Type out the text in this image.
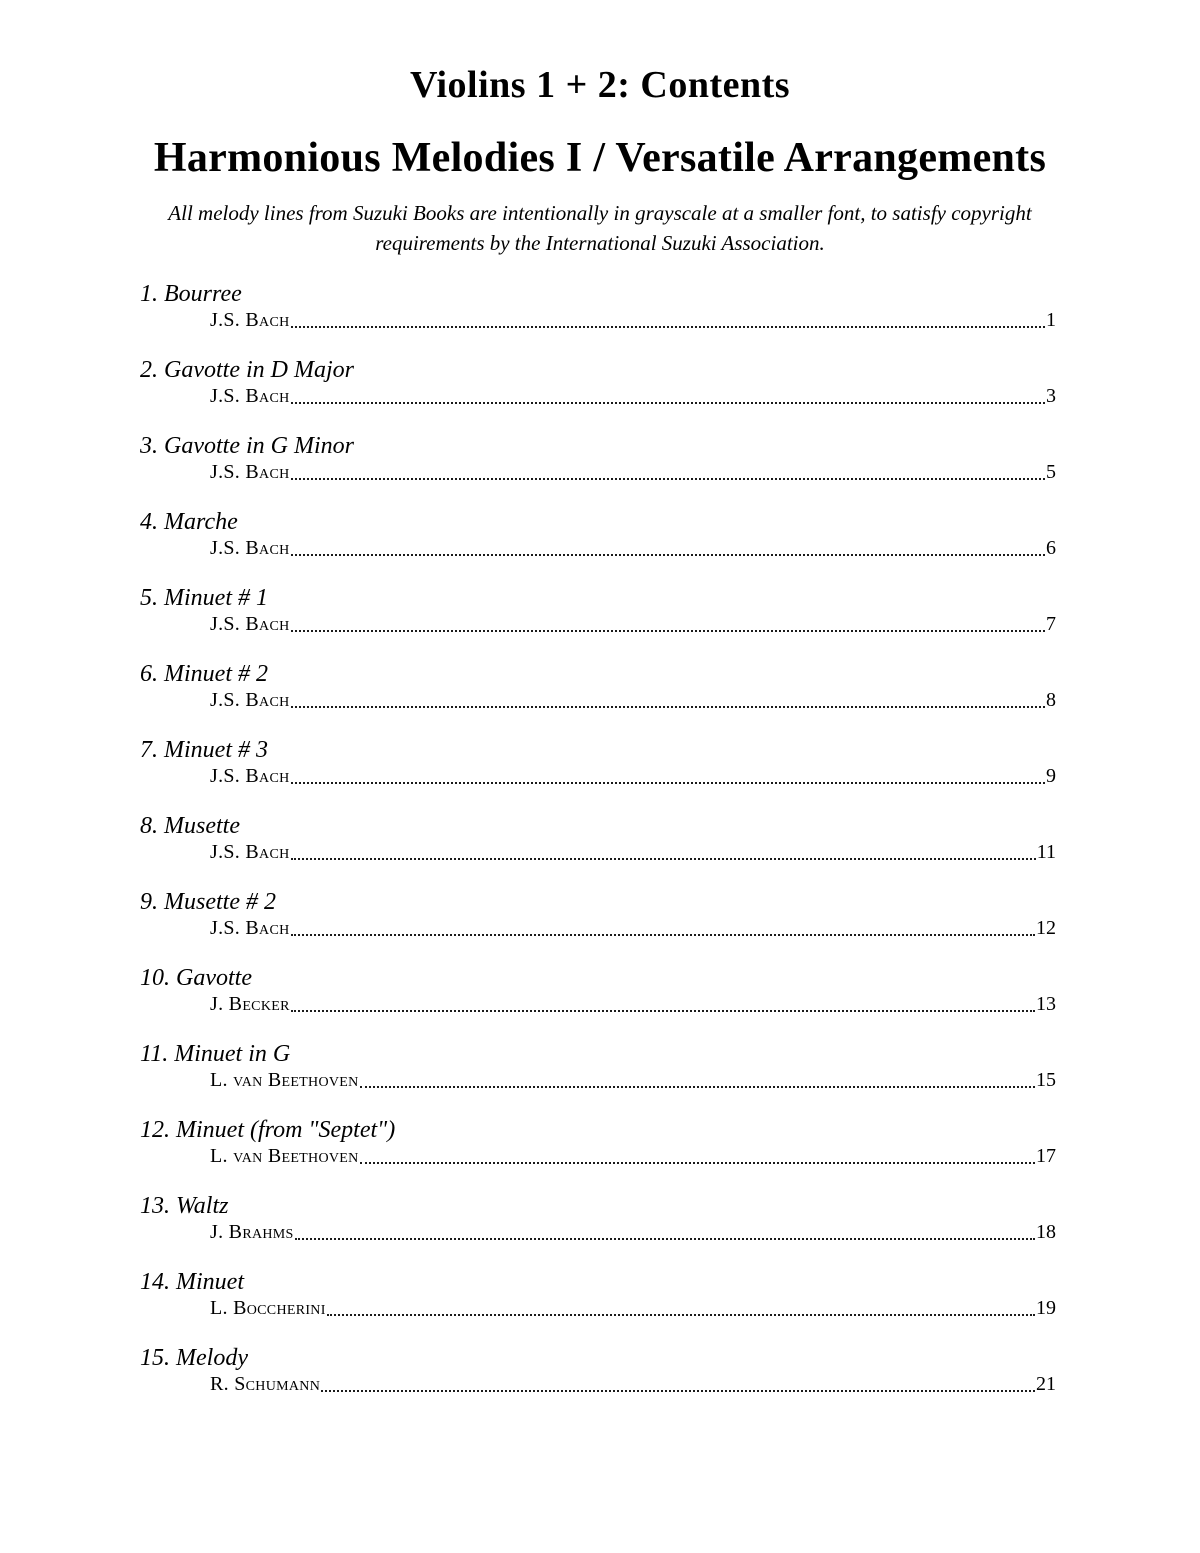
Violins 1 + 2: Contents
Harmonious Melodies I / Versatile Arrangements

All melody lines from Suzuki Books are intentionally in grayscale at a smaller font, to satisfy copyright requirements by the International Suzuki Association.

1. Bourree
J.S. Bach	1
2. Gavotte in D Major
J.S. Bach	3
3. Gavotte in G Minor
J.S. Bach	5
4. Marche
J.S. Bach	6
5. Minuet # 1
J.S. Bach	7
6. Minuet # 2
J.S. Bach	8
7. Minuet # 3
J.S. Bach	9
8. Musette
J.S. Bach	11
9. Musette # 2
J.S. Bach	12
10. Gavotte
J. Becker	13
11. Minuet in G
L. van Beethoven	15
12. Minuet (from "Septet")
L. van Beethoven	17
13. Waltz
J. Brahms	18
14. Minuet
L. Boccherini	19
15. Melody
R. Schumann	21
